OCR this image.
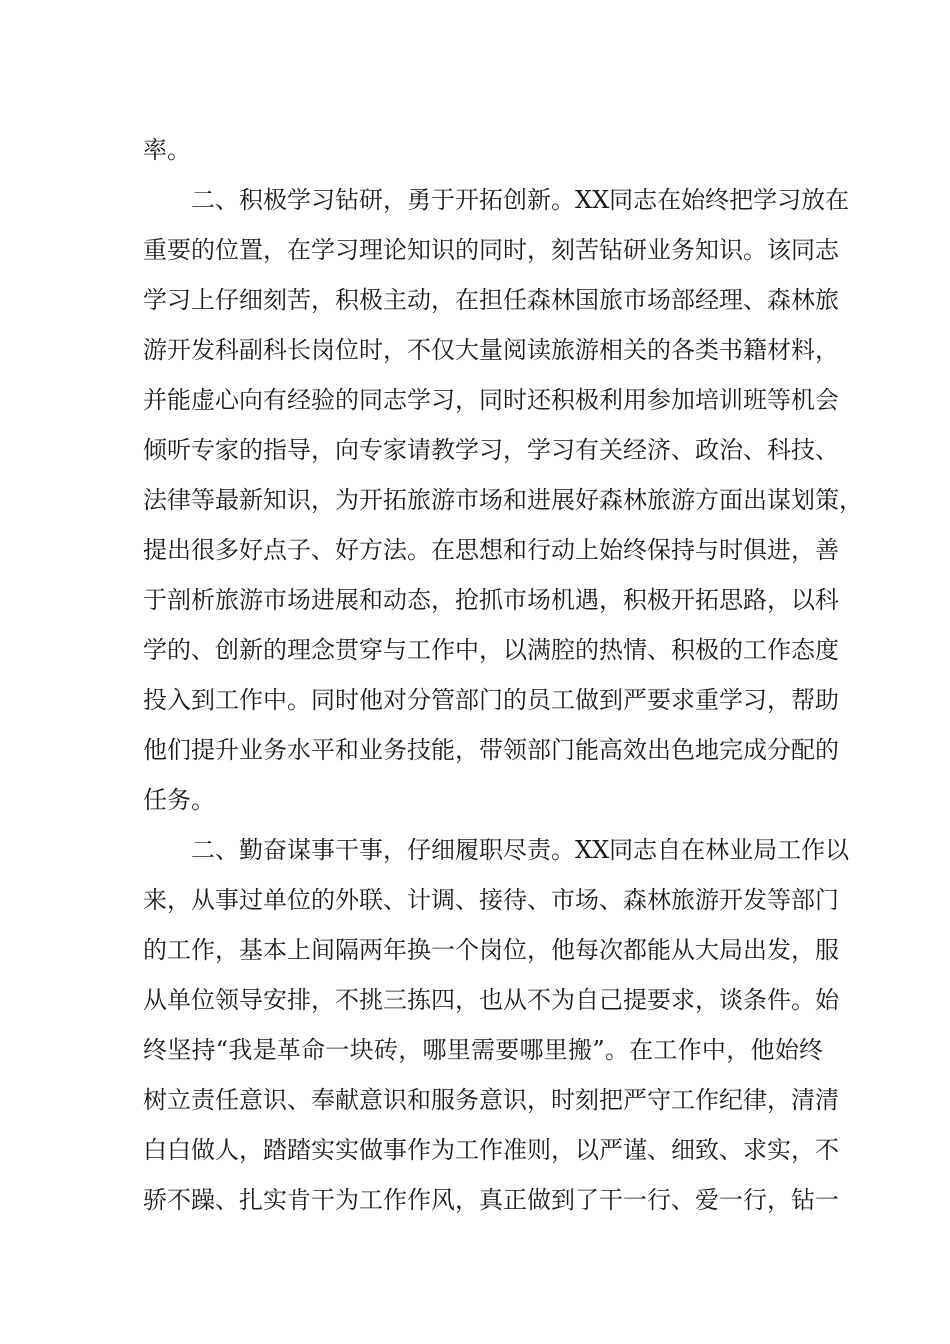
率。
二、积极学习钻研，勇于开拓创新。XX同志在始终把学习放在
重要的位置，在学习理论知识的同时，刻苦钻研业务知识。该同志
学习上仔细刻苦，积极主动，在担任森林国旅市场部经理、森林旅
游开发科副科长岗位时，不仅大量阅读旅游相关的各类书籍材料，
并能虚心向有经验的同志学习，同时还积极利用参加培训班等机会
倾听专家的指导，向专家请教学习，学习有关经济、政治、科技、
法律等最新知识，为开拓旅游市场和进展好森林旅游方面出谋划策，
提出很多好点子、好方法。在思想和行动上始终保持与时俱进，善
于剖析旅游市场进展和动态，抢抓市场机遇，积极开拓思路，以科
学的、创新的理念贯穿与工作中，以满腔的热情、积极的工作态度
投入到工作中。同时他对分管部门的员工做到严要求重学习，帮助
他们提升业务水平和业务技能，带领部门能高效出色地完成分配的
任务。
二、勤奋谋事干事，仔细履职尽责。XX同志自在林业局工作以
来，从事过单位的外联、计调、接待、市场、森林旅游开发等部门
的工作，基本上间隔两年换一个岗位，他每次都能从大局出发，服
从单位领导安排，不挑三拣四，也从不为自己提要求，谈条件。始
终坚持“我是革命一块砖，哪里需要哪里搬”。在工作中，他始终
树立责任意识、奉献意识和服务意识，时刻把严守工作纪律，清清
白白做人，踏踏实实做事作为工作准则，以严谨、细致、求实，不
骄不躁、扎实肯干为工作作风，真正做到了干一行、爱一行，钻一
